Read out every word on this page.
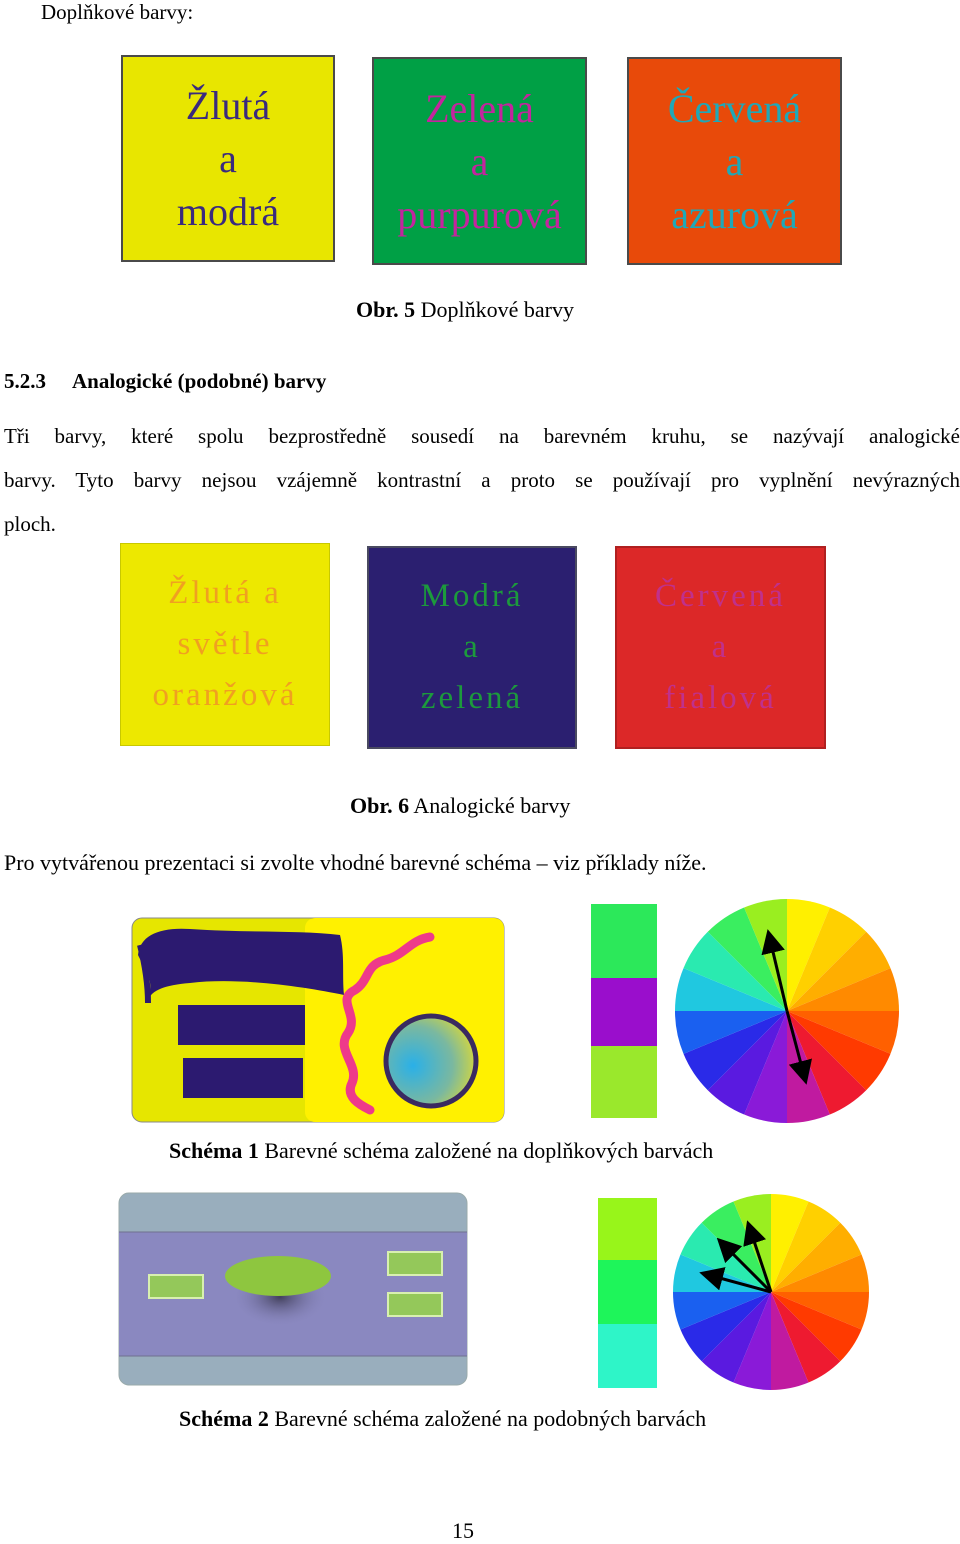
Doplňkové barvy:
Žlutá
a
modrá
Zelená
a
purpurová
Červená
a
azurová
Obr. 5 Doplňkové barvy
5.2.3 Analogické (podobné) barvy
Tři barvy, které spolu bezprostředně sousedí na barevném kruhu, se nazývají analogické
barvy. Tyto barvy nejsou vzájemně kontrastní a proto se používají pro vyplnění nevýrazných
ploch.
Žlutá a
světle
oranžová
Modrá
a
zelená
Červená
a
fialová
Obr. 6 Analogické barvy
Pro vytvářenou prezentaci si zvolte vhodné barevné schéma – viz příklady níže.
Schéma 1 Barevné schéma založené na doplňkových barvách
Schéma 2 Barevné schéma založené na podobných barvách
15
